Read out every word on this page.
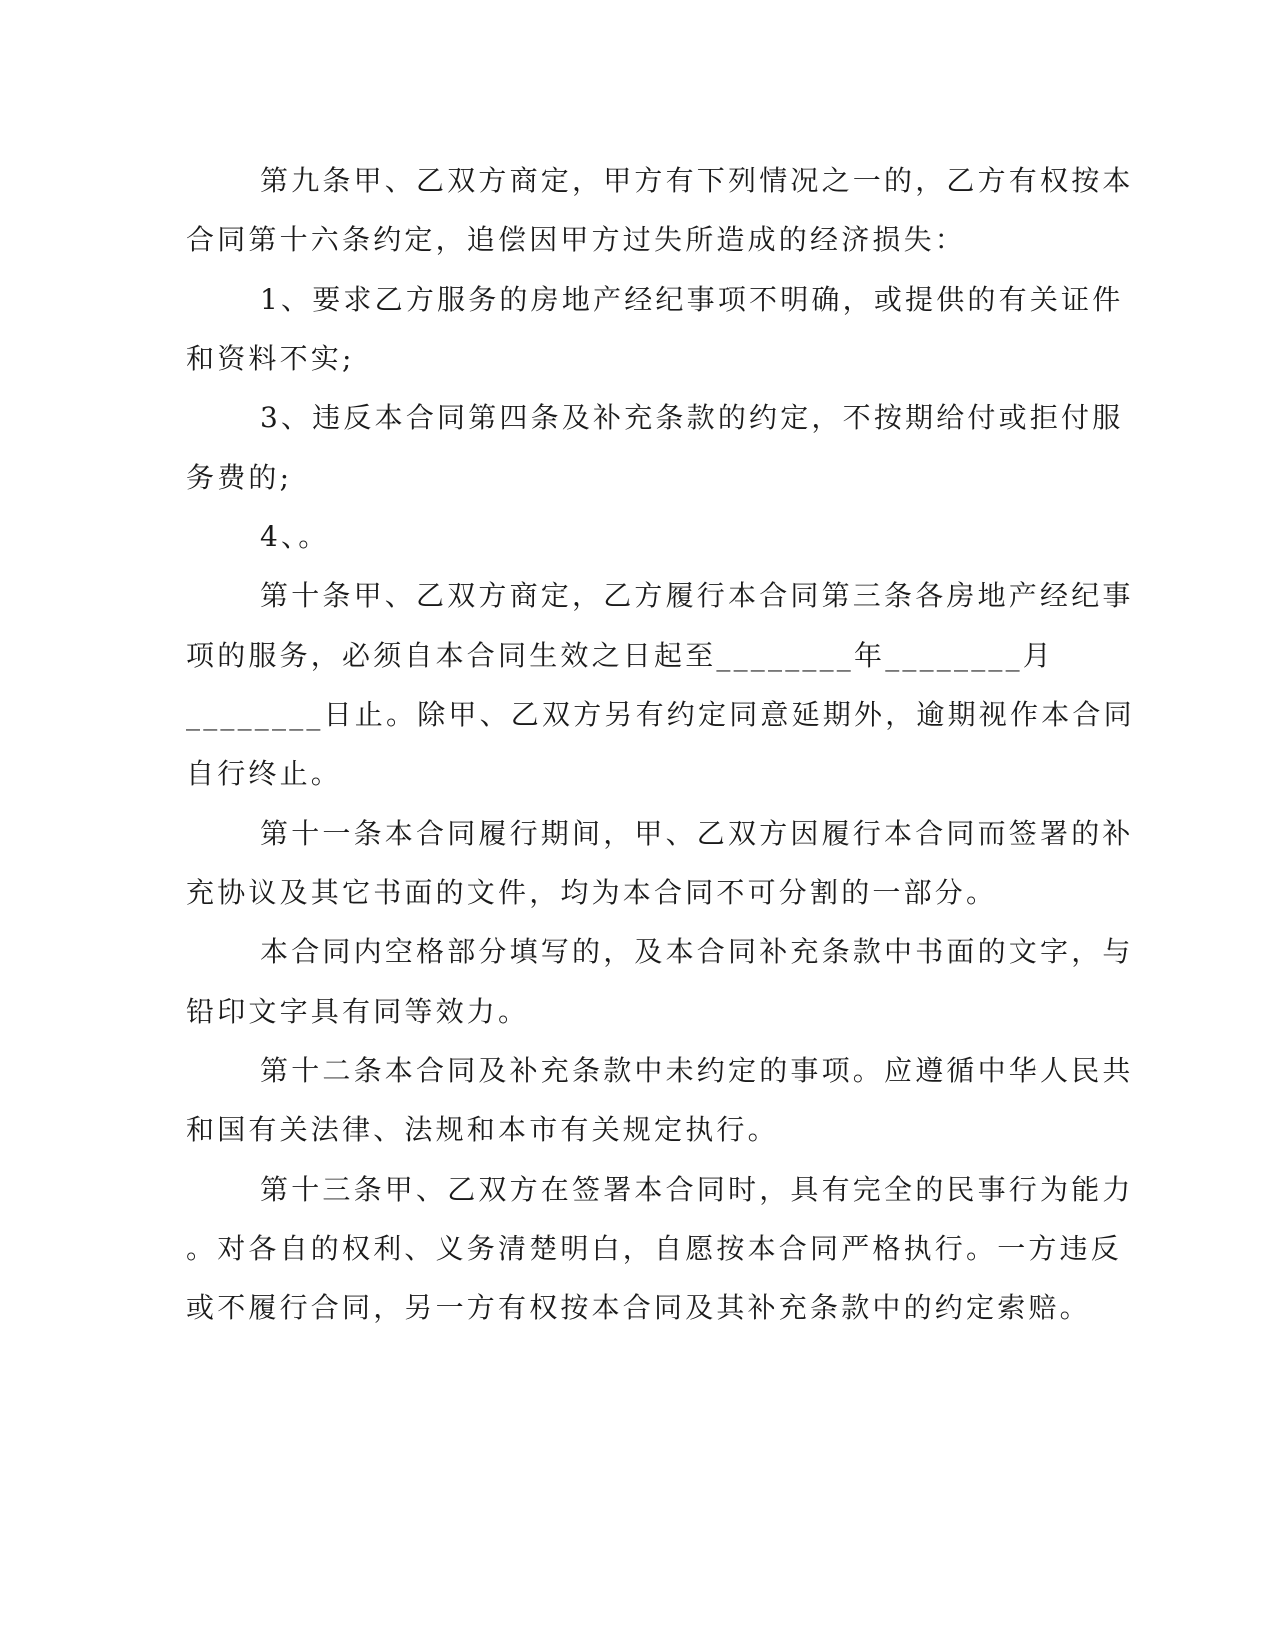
第九条甲、乙双方商定，甲方有下列情况之一的，乙方有权按本
合同第十六条约定，追偿因甲方过失所造成的经济损失：
1、要求乙方服务的房地产经纪事项不明确，或提供的有关证件
和资料不实;
3、违反本合同第四条及补充条款的约定，不按期给付或拒付服
务费的;
4、。
第十条甲、乙双方商定，乙方履行本合同第三条各房地产经纪事
项的服务，必须自本合同生效之日起至________年________月
________日止。除甲、乙双方另有约定同意延期外，逾期视作本合同
自行终止。
第十一条本合同履行期间，甲、乙双方因履行本合同而签署的补
充协议及其它书面的文件，均为本合同不可分割的一部分。
本合同内空格部分填写的，及本合同补充条款中书面的文字，与
铅印文字具有同等效力。
第十二条本合同及补充条款中未约定的事项。应遵循中华人民共
和国有关法律、法规和本市有关规定执行。
第十三条甲、乙双方在签署本合同时，具有完全的民事行为能力
。对各自的权利、义务清楚明白，自愿按本合同严格执行。一方违反
或不履行合同，另一方有权按本合同及其补充条款中的约定索赔。
